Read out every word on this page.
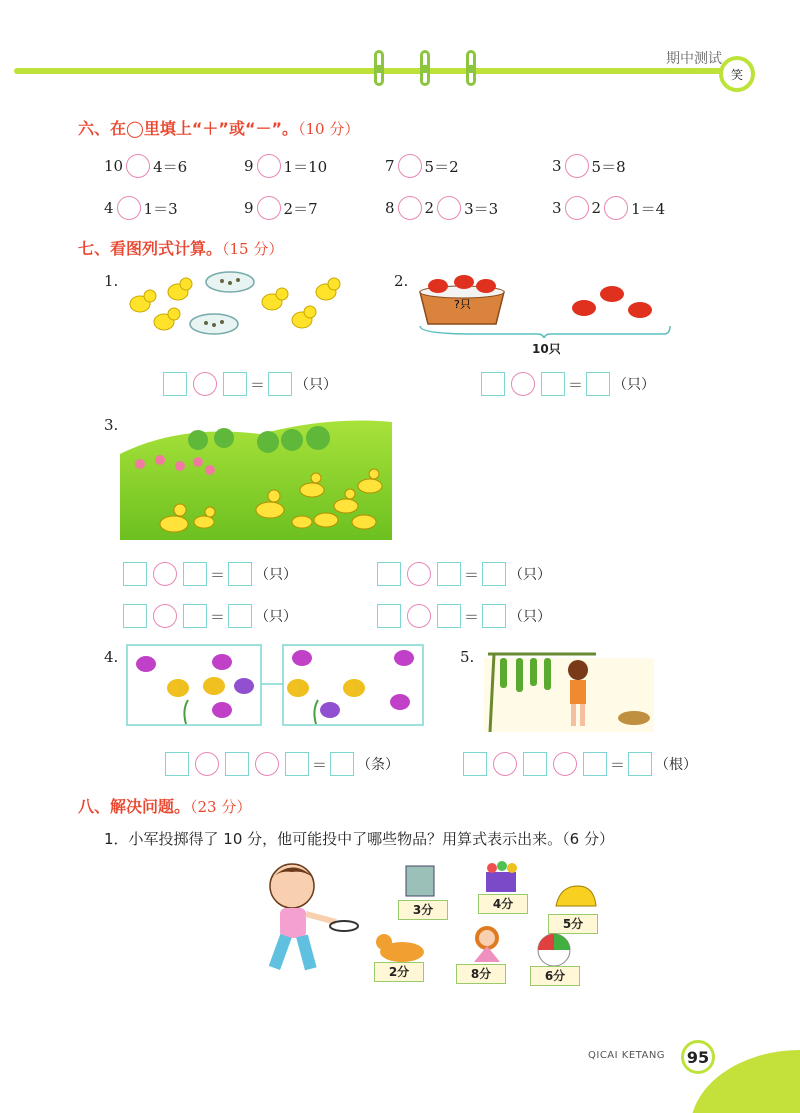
期中测试
笑
六、在◯里填上“＋”或“－”。（10 分）
10 4＝6	9 1＝10	7 5＝2	3 5＝8
4 1＝3	9 2＝7	8 2 3＝3	3 2 1＝4
七、看图列式计算。（15 分）
1.	2.
?只
10只
＝ （只）	＝ （只）
3.
＝ （只）	＝ （只）
＝ （只）	＝ （只）
4.	5.
＝ （条）	＝ （根）
八、解决问题。（23 分）
1．小军投掷得了 10 分，他可能投中了哪些物品？用算式表示出来。（6 分）
3分	4分
5分
2分	8分	6分
QICAI KETANG 95
